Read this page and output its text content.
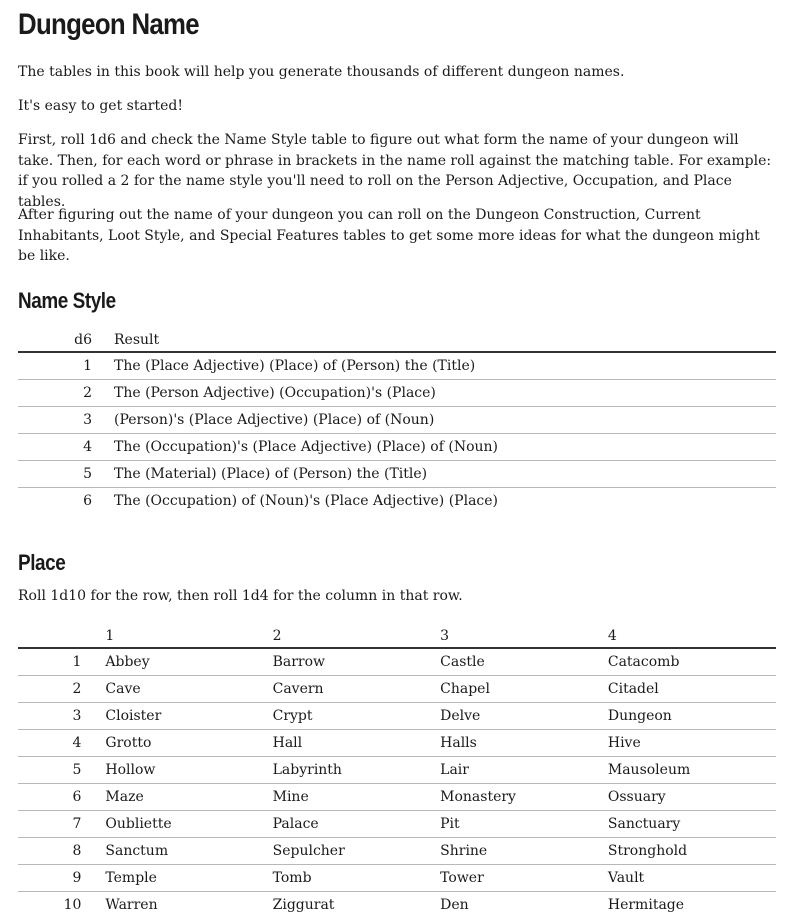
Dungeon Name

The tables in this book will help you generate thousands of different dungeon names.

It's easy to get started!

First, roll 1d6 and check the Name Style table to figure out what form the name of your dungeon will take. Then, for each word or phrase in brackets in the name roll against the matching table. For example: if you rolled a 2 for the name style you'll need to roll on the Person Adjective, Occupation, and Place tables.

After figuring out the name of your dungeon you can roll on the Dungeon Construction, Current Inhabitants, Loot Style, and Special Features tables to get some more ideas for what the dungeon might be like.

Name Style
d6	Result
1	The (Place Adjective) (Place) of (Person) the (Title)
2	The (Person Adjective) (Occupation)'s (Place)
3	(Person)'s (Place Adjective) (Place) of (Noun)
4	The (Occupation)'s (Place Adjective) (Place) of (Noun)
5	The (Material) (Place) of (Person) the (Title)
6	The (Occupation) of (Noun)'s (Place Adjective) (Place)
Place

Roll 1d10 for the row, then roll 1d4 for the column in that row.

	1	2	3	4
1	Abbey	Barrow	Castle	Catacomb
2	Cave	Cavern	Chapel	Citadel
3	Cloister	Crypt	Delve	Dungeon
4	Grotto	Hall	Halls	Hive
5	Hollow	Labyrinth	Lair	Mausoleum
6	Maze	Mine	Monastery	Ossuary
7	Oubliette	Palace	Pit	Sanctuary
8	Sanctum	Sepulcher	Shrine	Stronghold
9	Temple	Tomb	Tower	Vault
10	Warren	Ziggurat	Den	Hermitage
